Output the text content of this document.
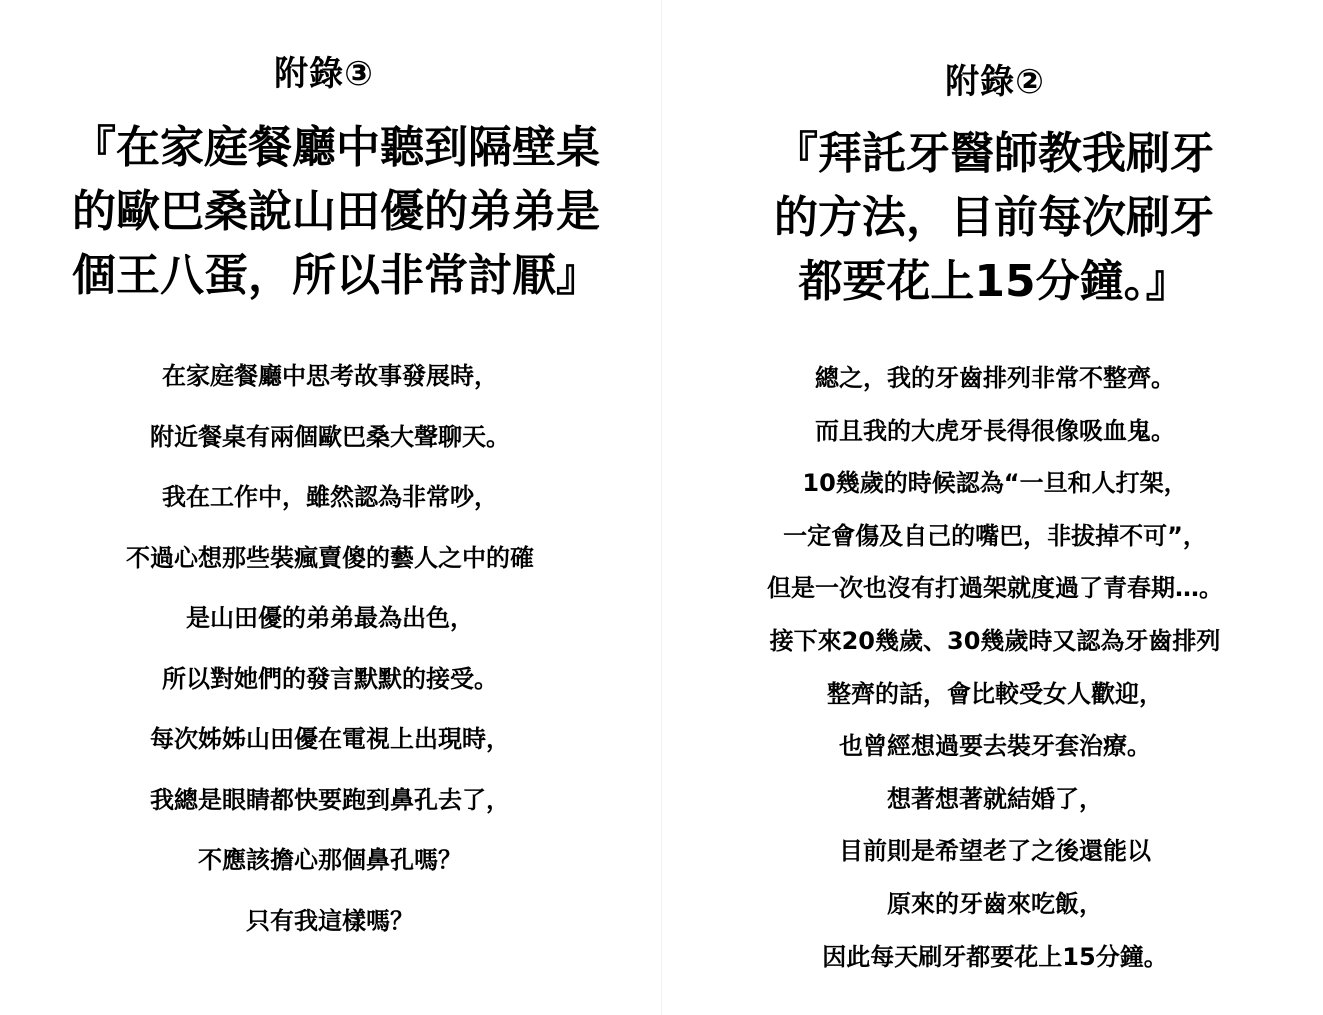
附錄③
『在家庭餐廳中聽到隔壁桌
的歐巴桑說山田優的弟弟是
個王八蛋，所以非常討厭』
在家庭餐廳中思考故事發展時，
附近餐桌有兩個歐巴桑大聲聊天。
我在工作中，雖然認為非常吵，
不過心想那些裝瘋賣傻的藝人之中的確
是山田優的弟弟最為出色，
所以對她們的發言默默的接受。
每次姊姊山田優在電視上出現時，
我總是眼睛都快要跑到鼻孔去了，
不應該擔心那個鼻孔嗎？
只有我這樣嗎？
附錄②
『拜託牙醫師教我刷牙
的方法，目前每次刷牙
都要花上15分鐘。』
總之，我的牙齒排列非常不整齊。
而且我的大虎牙長得很像吸血鬼。
10幾歲的時候認為“一旦和人打架，
一定會傷及自己的嘴巴，非拔掉不可”，
但是一次也沒有打過架就度過了青春期…。
接下來20幾歲、30幾歲時又認為牙齒排列
整齊的話，會比較受女人歡迎，
也曾經想過要去裝牙套治療。
想著想著就結婚了，
目前則是希望老了之後還能以
原來的牙齒來吃飯，
因此每天刷牙都要花上15分鐘。
